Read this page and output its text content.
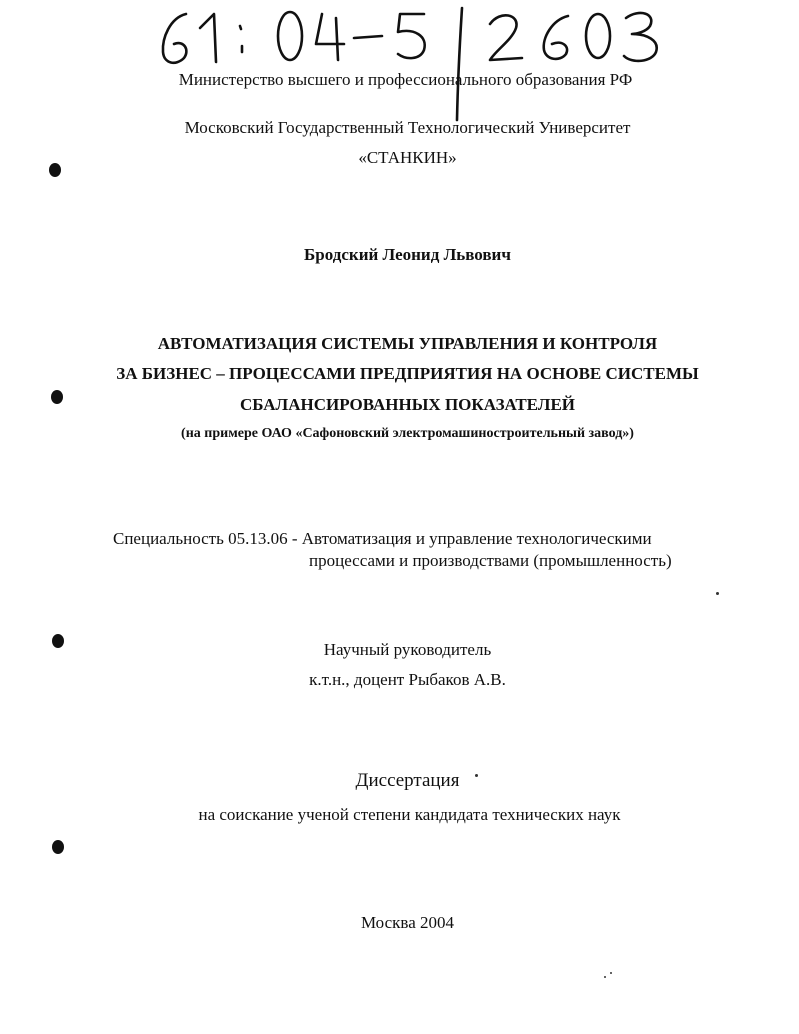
Министерство высшего и профессионального образования РФ
Московский Государственный Технологический Университет
«СТАНКИН»
Бродский Леонид Львович
АВТОМАТИЗАЦИЯ СИСТЕМЫ УПРАВЛЕНИЯ И КОНТРОЛЯ
ЗА БИЗНЕС – ПРОЦЕССАМИ ПРЕДПРИЯТИЯ НА ОСНОВЕ СИСТЕМЫ
СБАЛАНСИРОВАННЫХ ПОКАЗАТЕЛЕЙ
(на примере ОАО «Сафоновский электромашиностроительный завод»)
Специальность 05.13.06 - Автоматизация и управление технологическими
процессами и производствами (промышленность)
Научный руководитель
к.т.н., доцент Рыбаков А.В.
Диссертация
на соискание ученой степени кандидата технических наук
Москва 2004
